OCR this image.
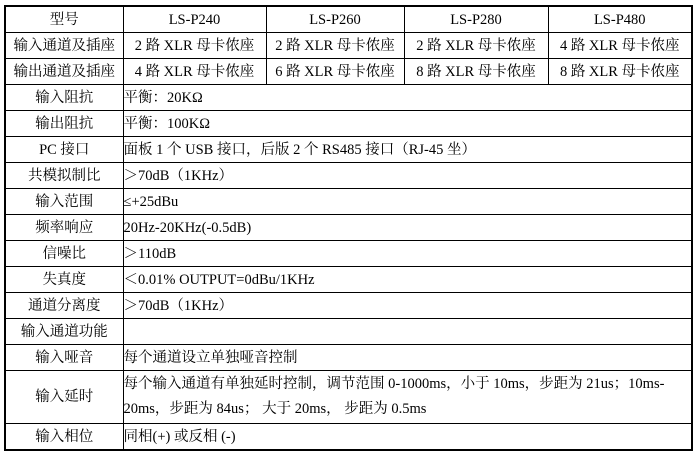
型号	LS-P240	LS-P260	LS-P280	LS-P480
输入通道及插座	2 路 XLR 母卡侬座	2 路 XLR 母卡侬座	2 路 XLR 母卡侬座	4 路 XLR 母卡侬座
输出通道及插座	4 路 XLR 母卡侬座	6 路 XLR 母卡侬座	8 路 XLR 母卡侬座	8 路 XLR 母卡侬座
输入阻抗	平衡：20KΩ			
输出阻抗	平衡：100KΩ			
PC 接口	面板 1 个 USB 接口，后版 2 个 RS485 接口（RJ-45 坐）			
共模拟制比	＞70dB（1KHz）			
输入范围	≤+25dBu			
频率响应	20Hz-20KHz(-0.5dB)			
信噪比	＞110dB			
失真度	＜0.01% OUTPUT=0dBu/1KHz			
通道分离度	＞70dB（1KHz）			
输入通道功能				
输入哑音	每个通道设立单独哑音控制			
输入延时	每个输入通道有单独延时控制，调节范围 0-1000ms，小于 10ms，步距为 21us；10ms-20ms，步距为 84us； 大于 20ms， 步距为 0.5ms			
输入相位	同相(+) 或反相 (-)			
